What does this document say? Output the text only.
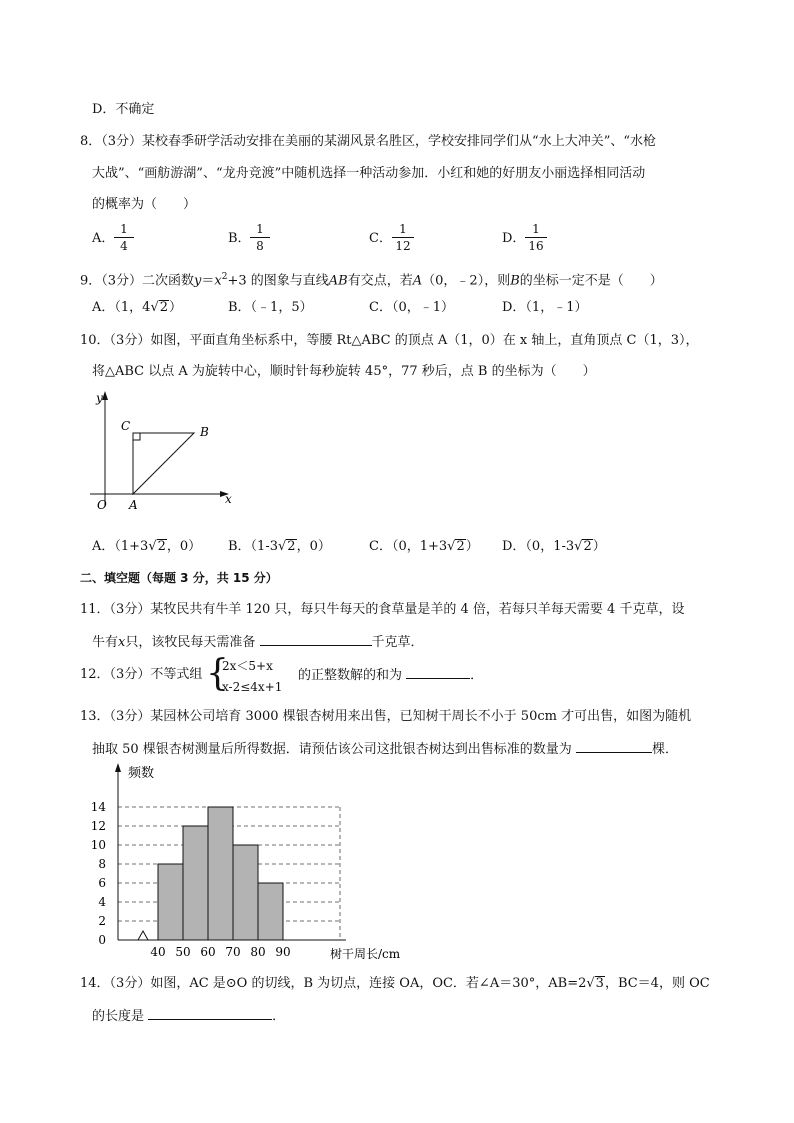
D．不确定
8．（3分）某校春季研学活动安排在美丽的某湖风景名胜区，学校安排同学们从“水上大冲关”、“水枪
大战”、“画舫游湖”、“龙舟竞渡”中随机选择一种活动参加．小红和她的好朋友小丽选择相同活动
的概率为（　　）
A． $\frac{1}{4}$	B． $\frac{1}{8}$	C． $\frac{1}{12}$	D． $\frac{1}{16}$
9．（3分）二次函数$y=x^2+3$ 的图象与直线AB有交点，若A（0，﹣2），则B的坐标一定不是（　　）
A．（1，4√2）	B．（﹣1，5）	C．（0，﹣1）	D．（1，﹣1）
10．（3分）如图，平面直角坐标系中，等腰 Rt△ABC 的顶点 A（1，0）在 x 轴上，直角顶点 C（1，3），
将△ABC 以点 A 为旋转中心，顺时针每秒旋转 45°，77 秒后，点 B 的坐标为（　　）
y
x
O A
B
C
A．（1+3√2，0） B．（1-3√2，0）	C．（0，1+3√2） D．（0，1-3√2）
二、填空题（每题 3 分，共 15 分）
11．（3分）某牧民共有牛羊 120 只，每只牛每天的食草量是羊的 4 倍，若每只羊每天需要 4 千克草，设
牛有x只，该牧民每天需准备	千克草．
12．（3分）不等式组 {
2x＜5+x
x-2≤4x+1
的正整数解的和为	．
13．（3分）某园林公司培育 3000 棵银杏树用来出售，已知树干周长不小于 50cm 才可出售，如图为随机
抽取 50 棵银杏树测量后所得数据．请预估该公司这批银杏树达到出售标准的数量为	棵．
0
2
4
6
8
10
12
14
40 50 60 70 80 90
频数
树干周长/cm
14．（3分）如图，AC 是⊙O 的切线，B 为切点，连接 OA，OC．若∠A＝30°，AB=2√3，BC＝4，则 OC
的长度是	．
